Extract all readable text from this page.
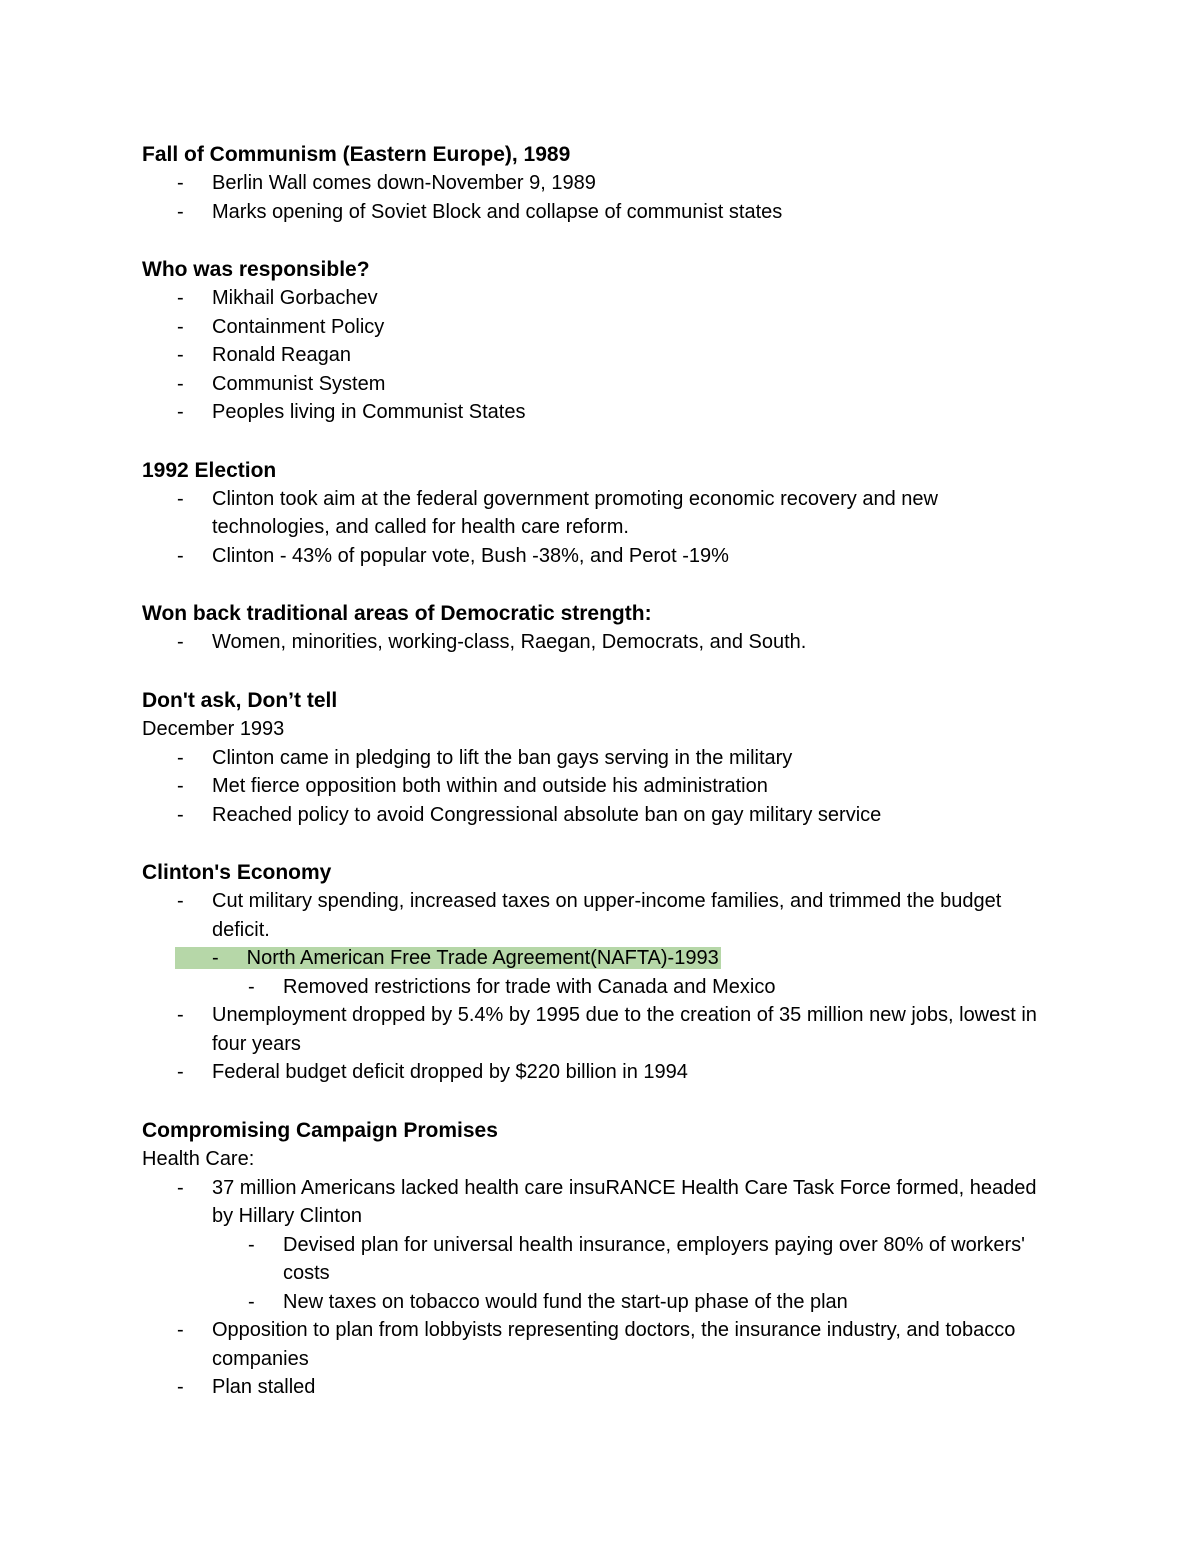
Fall of Communism (Eastern Europe), 1989

- Berlin Wall comes down-November 9, 1989
- Marks opening of Soviet Block and collapse of communist states

Who was responsible?

- Mikhail Gorbachev
- Containment Policy
- Ronald Reagan
- Communist System
- Peoples living in Communist States

1992 Election

- Clinton took aim at the federal government promoting economic recovery and new technologies, and called for health care reform.
- Clinton - 43% of popular vote, Bush -38%, and Perot -19%

Won back traditional areas of Democratic strength:

- Women, minorities, working-class, Raegan, Democrats, and South.

Don't ask, Don’t tell

December 1993

- Clinton came in pledging to lift the ban gays serving in the military
- Met fierce opposition both within and outside his administration
- Reached policy to avoid Congressional absolute ban on gay military service

Clinton's Economy

- Cut military spending, increased taxes on upper-income families, and trimmed the budget deficit.
- North American Free Trade Agreement(NAFTA)-1993
- Removed restrictions for trade with Canada and Mexico
- Unemployment dropped by 5.4% by 1995 due to the creation of 35 million new jobs, lowest in four years
- Federal budget deficit dropped by $220 billion in 1994

Compromising Campaign Promises

Health Care:

- 37 million Americans lacked health care insuRANCE Health Care Task Force formed, headed by Hillary Clinton
- Devised plan for universal health insurance, employers paying over 80% of workers' costs
- New taxes on tobacco would fund the start-up phase of the plan
- Opposition to plan from lobbyists representing doctors, the insurance industry, and tobacco companies
- Plan stalled
